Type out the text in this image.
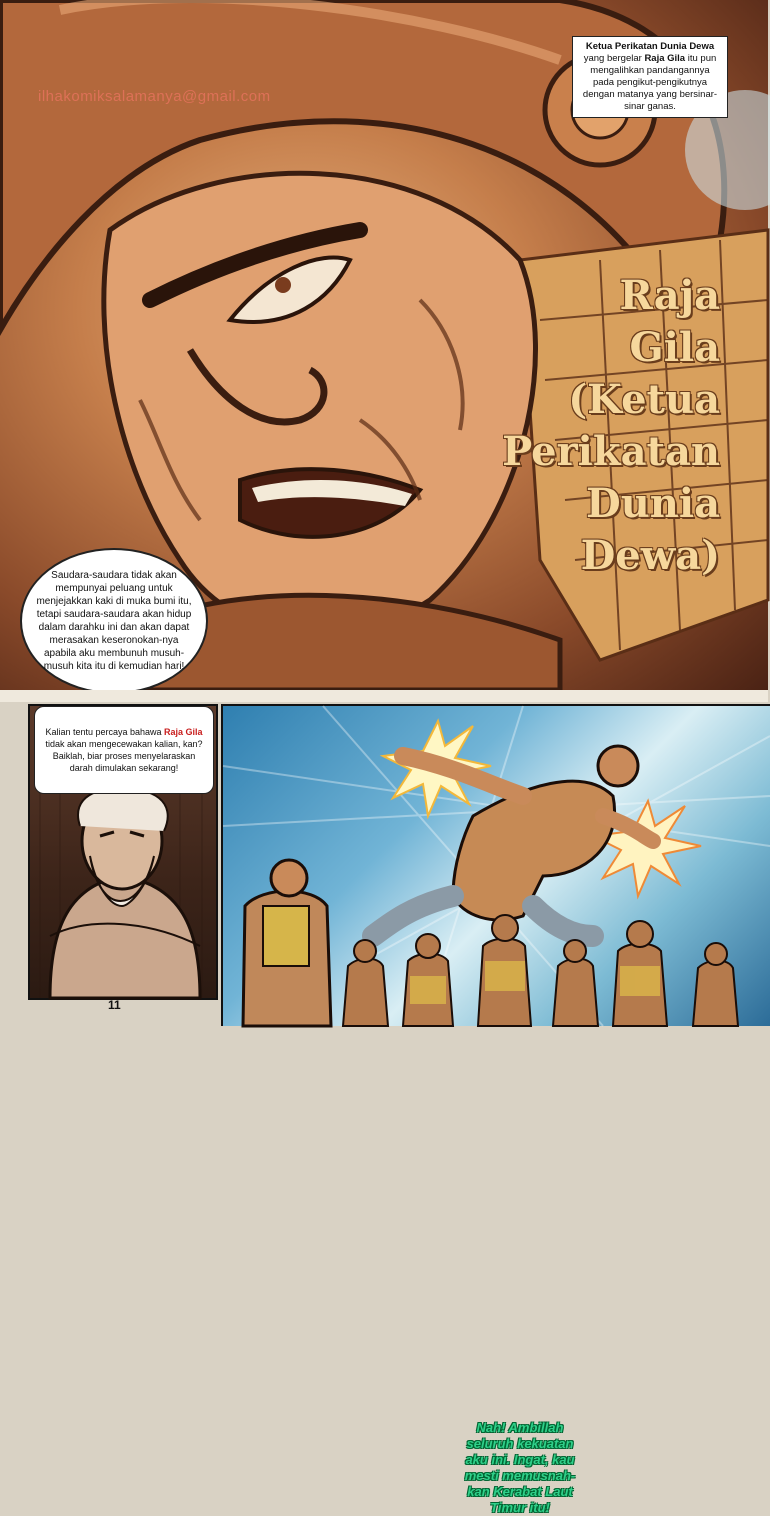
ilhakomiksalamanya@gmail.com
Ketua Perikatan Dunia Dewa yang bergelar Raja Gila itu pun mengalihkan pandangannya pada pengikut-pengikutnya dengan matanya yang bersinar-sinar ganas.
Raja
Gila
(Ketua
Perikatan
Dunia
Dewa)
Saudara-saudara tidak akan mempunyai peluang untuk menjejakkan kaki di muka bumi itu, tetapi saudara-saudara akan hidup dalam darahku ini dan akan dapat merasakan keseronokan-nya apabila aku membunuh musuh-musuh kita itu di kemudian hari!
Kalian tentu percaya bahawa Raja Gila tidak akan mengecewakan kalian, kan? Baiklah, biar proses menyelaraskan darah dimulakan sekarang!
Nah! Ambillah seluruh kekuatan aku ini. Ingat, kau mesti memusnah-kan Kerabat Laut Timur itu!
11
